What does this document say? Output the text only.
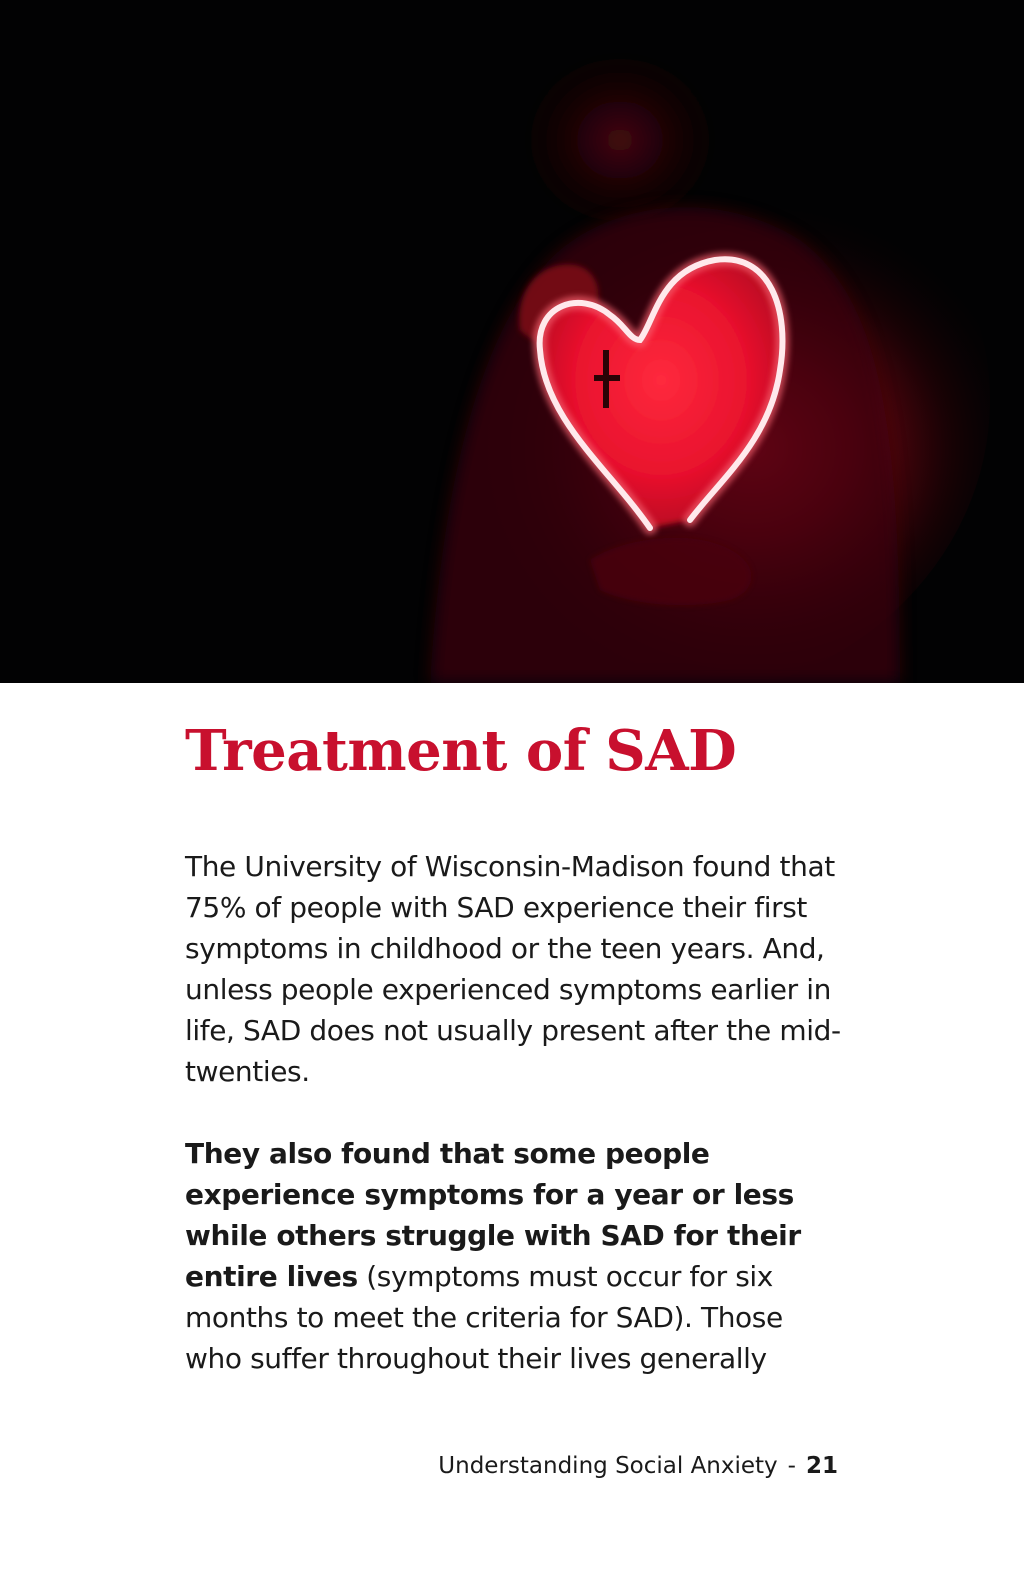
Treatment of SAD

The University of Wisconsin-Madison found that 75% of people with SAD experience their first symptoms in childhood or the teen years. And, unless people experienced symptoms earlier in life, SAD does not usually present after the mid-twenties.

They also found that some people experience symptoms for a year or less while others struggle with SAD for their entire lives (symptoms must occur for six months to meet the criteria for SAD). Those who suffer throughout their lives generally

Understanding Social Anxiety - 21
